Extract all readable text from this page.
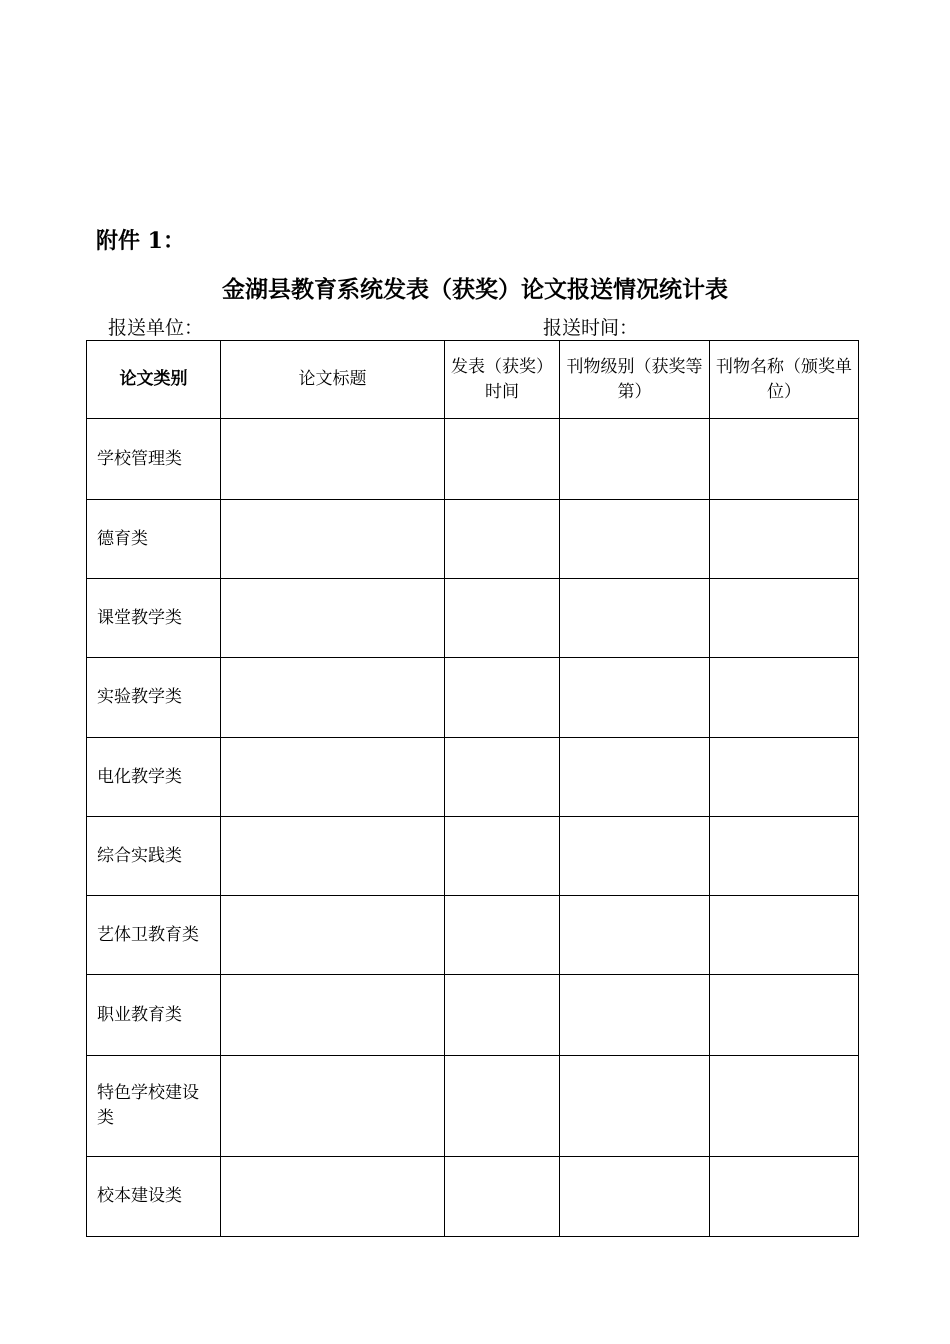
附件 1：
金湖县教育系统发表（获奖）论文报送情况统计表
报送单位：	报送时间：
论文类别	论文标题	发表（获奖）时间	刊物级别（获奖等第）	刊物名称（颁奖单位）
学校管理类				
德育类				
课堂教学类				
实验教学类				
电化教学类				
综合实践类				
艺体卫教育类				
职业教育类				
特色学校建设类				
校本建设类				
